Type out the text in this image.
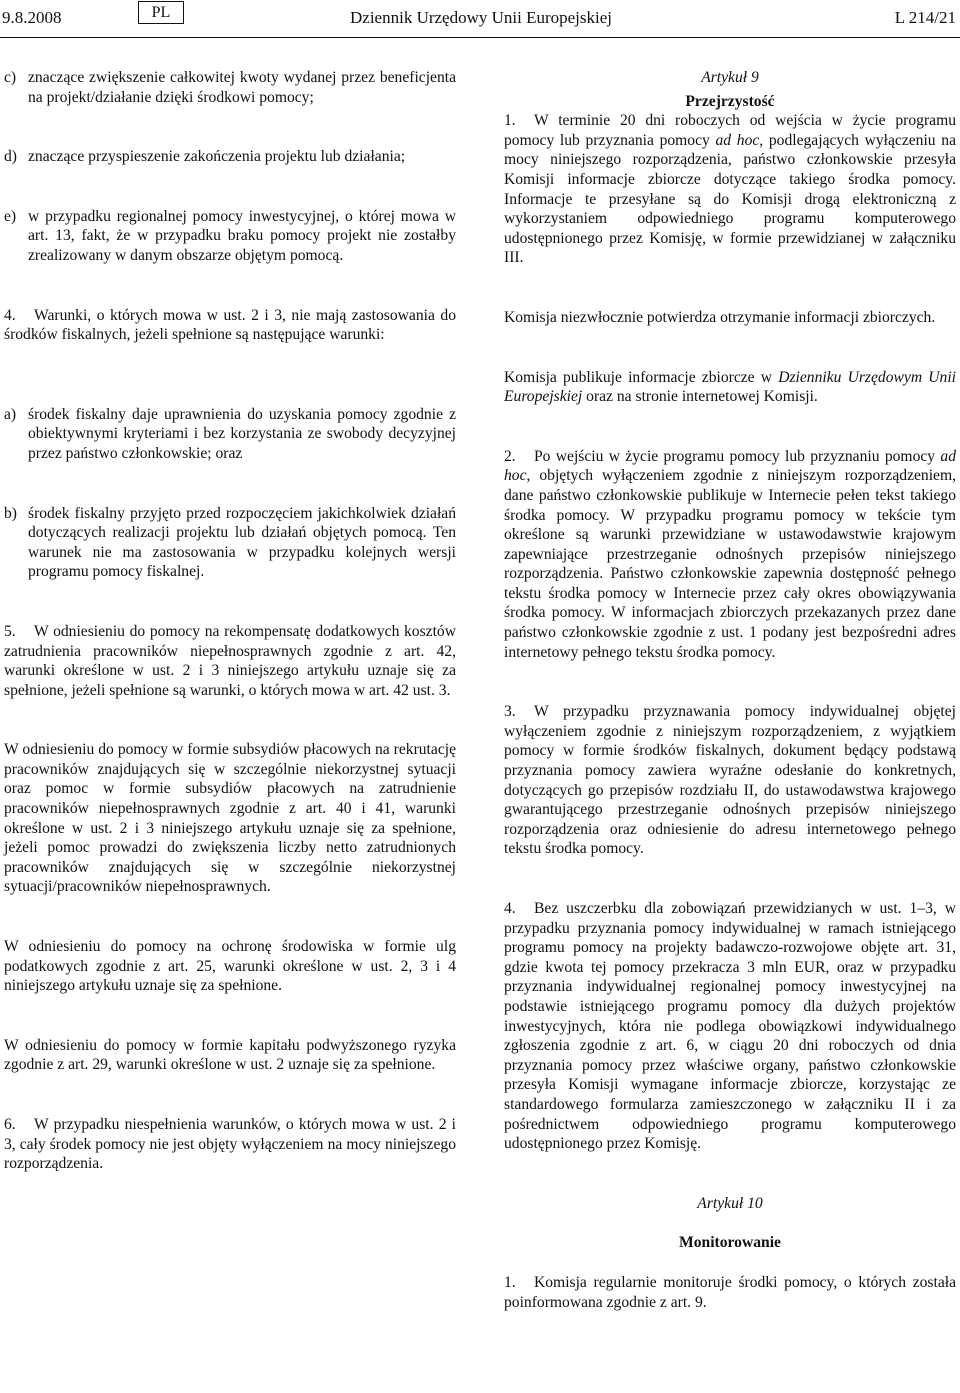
9.8.2008	PL	Dziennik Urzędowy Unii Europejskiej	L 214/21
c) znaczące zwiększenie całkowitej kwoty wydanej przez beneficjenta na projekt/działanie dzięki środkowi pomocy;
d) znaczące przyspieszenie zakończenia projektu lub działania;
e) w przypadku regionalnej pomocy inwestycyjnej, o której mowa w art. 13, fakt, że w przypadku braku pomocy projekt nie zostałby zrealizowany w danym obszarze objętym pomocą.

4. Warunki, o których mowa w ust. 2 i 3, nie mają zastosowania do środków fiskalnych, jeżeli spełnione są następujące warunki:

a) środek fiskalny daje uprawnienia do uzyskania pomocy zgodnie z obiektywnymi kryteriami i bez korzystania ze swobody decyzyjnej przez państwo członkowskie; oraz
b) środek fiskalny przyjęto przed rozpoczęciem jakichkolwiek działań dotyczących realizacji projektu lub działań objętych pomocą. Ten warunek nie ma zastosowania w przypadku kolejnych wersji programu pomocy fiskalnej.

5. W odniesieniu do pomocy na rekompensatę dodatkowych kosztów zatrudnienia pracowników niepełnosprawnych zgodnie z art. 42, warunki określone w ust. 2 i 3 niniejszego artykułu uznaje się za spełnione, jeżeli spełnione są warunki, o których mowa w art. 42 ust. 3.

W odniesieniu do pomocy w formie subsydiów płacowych na rekrutację pracowników znajdujących się w szczególnie niekorzystnej sytuacji oraz pomoc w formie subsydiów płacowych na zatrudnienie pracowników niepełnosprawnych zgodnie z art. 40 i 41, warunki określone w ust. 2 i 3 niniejszego artykułu uznaje się za spełnione, jeżeli pomoc prowadzi do zwiększenia liczby netto zatrudnionych pracowników znajdujących się w szczególnie niekorzystnej sytuacji/pracowników niepełnosprawnych.

W odniesieniu do pomocy na ochronę środowiska w formie ulg podatkowych zgodnie z art. 25, warunki określone w ust. 2, 3 i 4 niniejszego artykułu uznaje się za spełnione.

W odniesieniu do pomocy w formie kapitału podwyższonego ryzyka zgodnie z art. 29, warunki określone w ust. 2 uznaje się za spełnione.

6. W przypadku niespełnienia warunków, o których mowa w ust. 2 i 3, cały środek pomocy nie jest objęty wyłączeniem na mocy niniejszego rozporządzenia.

Artykuł 9

Przejrzystość

1. W terminie 20 dni roboczych od wejścia w życie programu pomocy lub przyznania pomocy ad hoc, podlegających wyłączeniu na mocy niniejszego rozporządzenia, państwo członkowskie przesyła Komisji informacje zbiorcze dotyczące takiego środka pomocy. Informacje te przesyłane są do Komisji drogą elektroniczną z wykorzystaniem odpowiedniego programu komputerowego udostępnionego przez Komisję, w formie przewidzianej w załączniku III.

Komisja niezwłocznie potwierdza otrzymanie informacji zbiorczych.

Komisja publikuje informacje zbiorcze w Dzienniku Urzędowym Unii Europejskiej oraz na stronie internetowej Komisji.

2. Po wejściu w życie programu pomocy lub przyznaniu pomocy ad hoc, objętych wyłączeniem zgodnie z niniejszym rozporządzeniem, dane państwo członkowskie publikuje w Internecie pełen tekst takiego środka pomocy. W przypadku programu pomocy w tekście tym określone są warunki przewidziane w ustawodawstwie krajowym zapewniające przestrzeganie odnośnych przepisów niniejszego rozporządzenia. Państwo członkowskie zapewnia dostępność pełnego tekstu środka pomocy w Internecie przez cały okres obowiązywania środka pomocy. W informacjach zbiorczych przekazanych przez dane państwo członkowskie zgodnie z ust. 1 podany jest bezpośredni adres internetowy pełnego tekstu środka pomocy.

3. W przypadku przyznawania pomocy indywidualnej objętej wyłączeniem zgodnie z niniejszym rozporządzeniem, z wyjątkiem pomocy w formie środków fiskalnych, dokument będący podstawą przyznania pomocy zawiera wyraźne odesłanie do konkretnych, dotyczących go przepisów rozdziału II, do ustawodawstwa krajowego gwarantującego przestrzeganie odnośnych przepisów niniejszego rozporządzenia oraz odniesienie do adresu internetowego pełnego tekstu środka pomocy.

4. Bez uszczerbku dla zobowiązań przewidzianych w ust. 1–3, w przypadku przyznania pomocy indywidualnej w ramach istniejącego programu pomocy na projekty badawczo-rozwojowe objęte art. 31, gdzie kwota tej pomocy przekracza 3 mln EUR, oraz w przypadku przyznania indywidualnej regionalnej pomocy inwestycyjnej na podstawie istniejącego programu pomocy dla dużych projektów inwestycyjnych, która nie podlega obowiązkowi indywidualnego zgłoszenia zgodnie z art. 6, w ciągu 20 dni roboczych od dnia przyznania pomocy przez właściwe organy, państwo członkowskie przesyła Komisji wymagane informacje zbiorcze, korzystając ze standardowego formularza zamieszczonego w załączniku II i za pośrednictwem odpowiedniego programu komputerowego udostępnionego przez Komisję.

Artykuł 10

Monitorowanie

1. Komisja regularnie monitoruje środki pomocy, o których została poinformowana zgodnie z art. 9.
